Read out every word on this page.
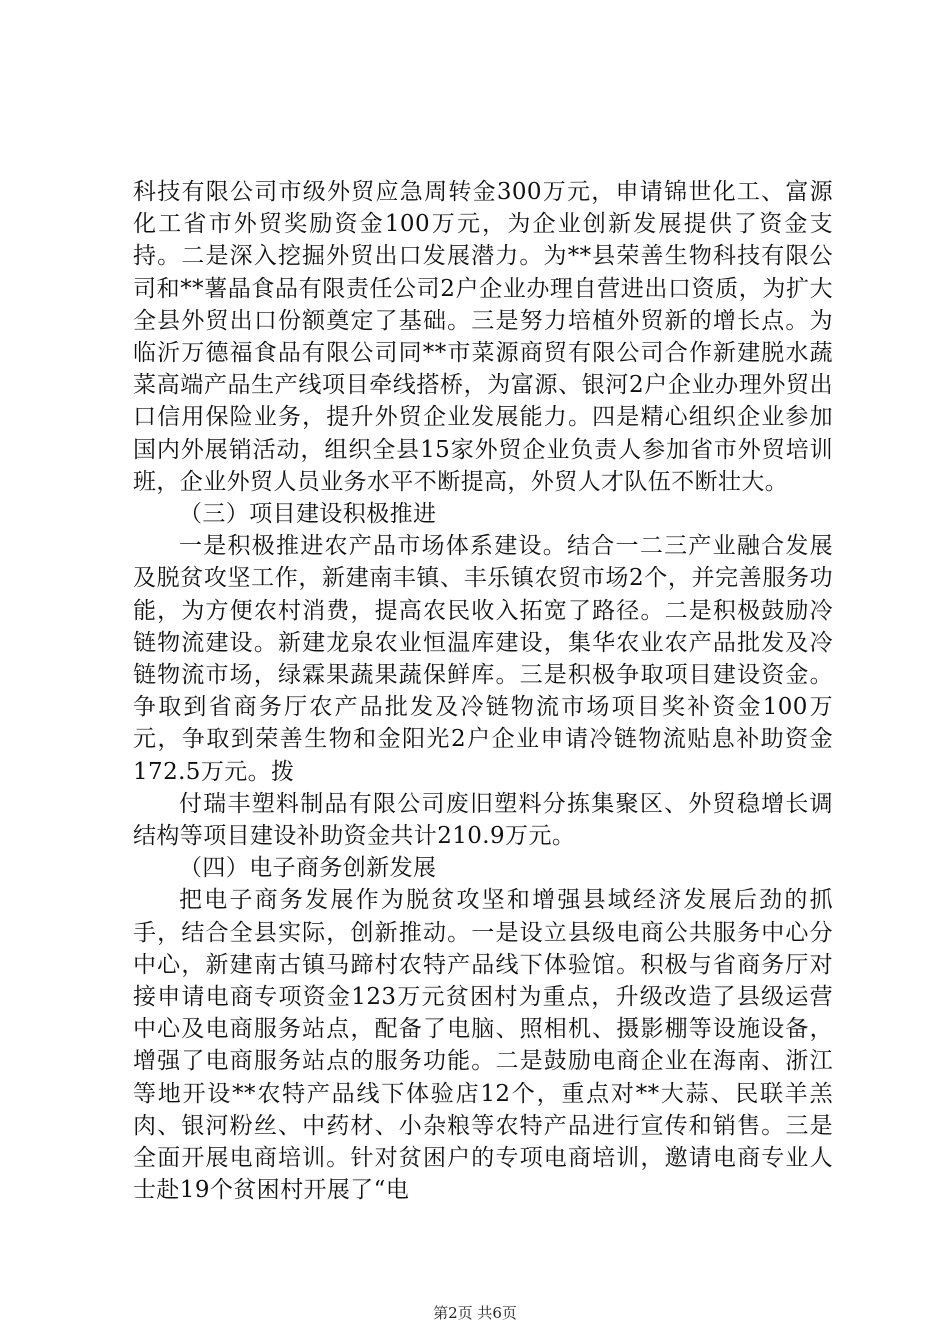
科技有限公司市级外贸应急周转金300万元，申请锦世化工、富源化工省市外贸奖励资金100万元，为企业创新发展提供了资金支持。二是深入挖掘外贸出口发展潜力。为**县荣善生物科技有限公司和**薯晶食品有限责任公司2户企业办理自营进出口资质，为扩大全县外贸出口份额奠定了基础。三是努力培植外贸新的增长点。为临沂万德福食品有限公司同**市菜源商贸有限公司合作新建脱水蔬菜高端产品生产线项目牵线搭桥，为富源、银河2户企业办理外贸出口信用保险业务，提升外贸企业发展能力。四是精心组织企业参加国内外展销活动，组织全县15家外贸企业负责人参加省市外贸培训班，企业外贸人员业务水平不断提高，外贸人才队伍不断壮大。

（三）项目建设积极推进

一是积极推进农产品市场体系建设。结合一二三产业融合发展及脱贫攻坚工作，新建南丰镇、丰乐镇农贸市场2个，并完善服务功能，为方便农村消费，提高农民收入拓宽了路径。二是积极鼓励冷链物流建设。新建龙泉农业恒温库建设，集华农业农产品批发及冷链物流市场，绿霖果蔬果蔬保鲜库。三是积极争取项目建设资金。争取到省商务厅农产品批发及冷链物流市场项目奖补资金100万元，争取到荣善生物和金阳光2户企业申请冷链物流贴息补助资金172.5万元。拨

付瑞丰塑料制品有限公司废旧塑料分拣集聚区、外贸稳增长调结构等项目建设补助资金共计210.9万元。

（四）电子商务创新发展

把电子商务发展作为脱贫攻坚和增强县域经济发展后劲的抓手，结合全县实际，创新推动。一是设立县级电商公共服务中心分中心，新建南古镇马蹄村农特产品线下体验馆。积极与省商务厅对接申请电商专项资金123万元贫困村为重点，升级改造了县级运营中心及电商服务站点，配备了电脑、照相机、摄影棚等设施设备，增强了电商服务站点的服务功能。二是鼓励电商企业在海南、浙江等地开设**农特产品线下体验店12个，重点对**大蒜、民联羊羔肉、银河粉丝、中药材、小杂粮等农特产品进行宣传和销售。三是全面开展电商培训。针对贫困户的专项电商培训，邀请电商专业人士赴19个贫困村开展了“电

第2页 共6页
